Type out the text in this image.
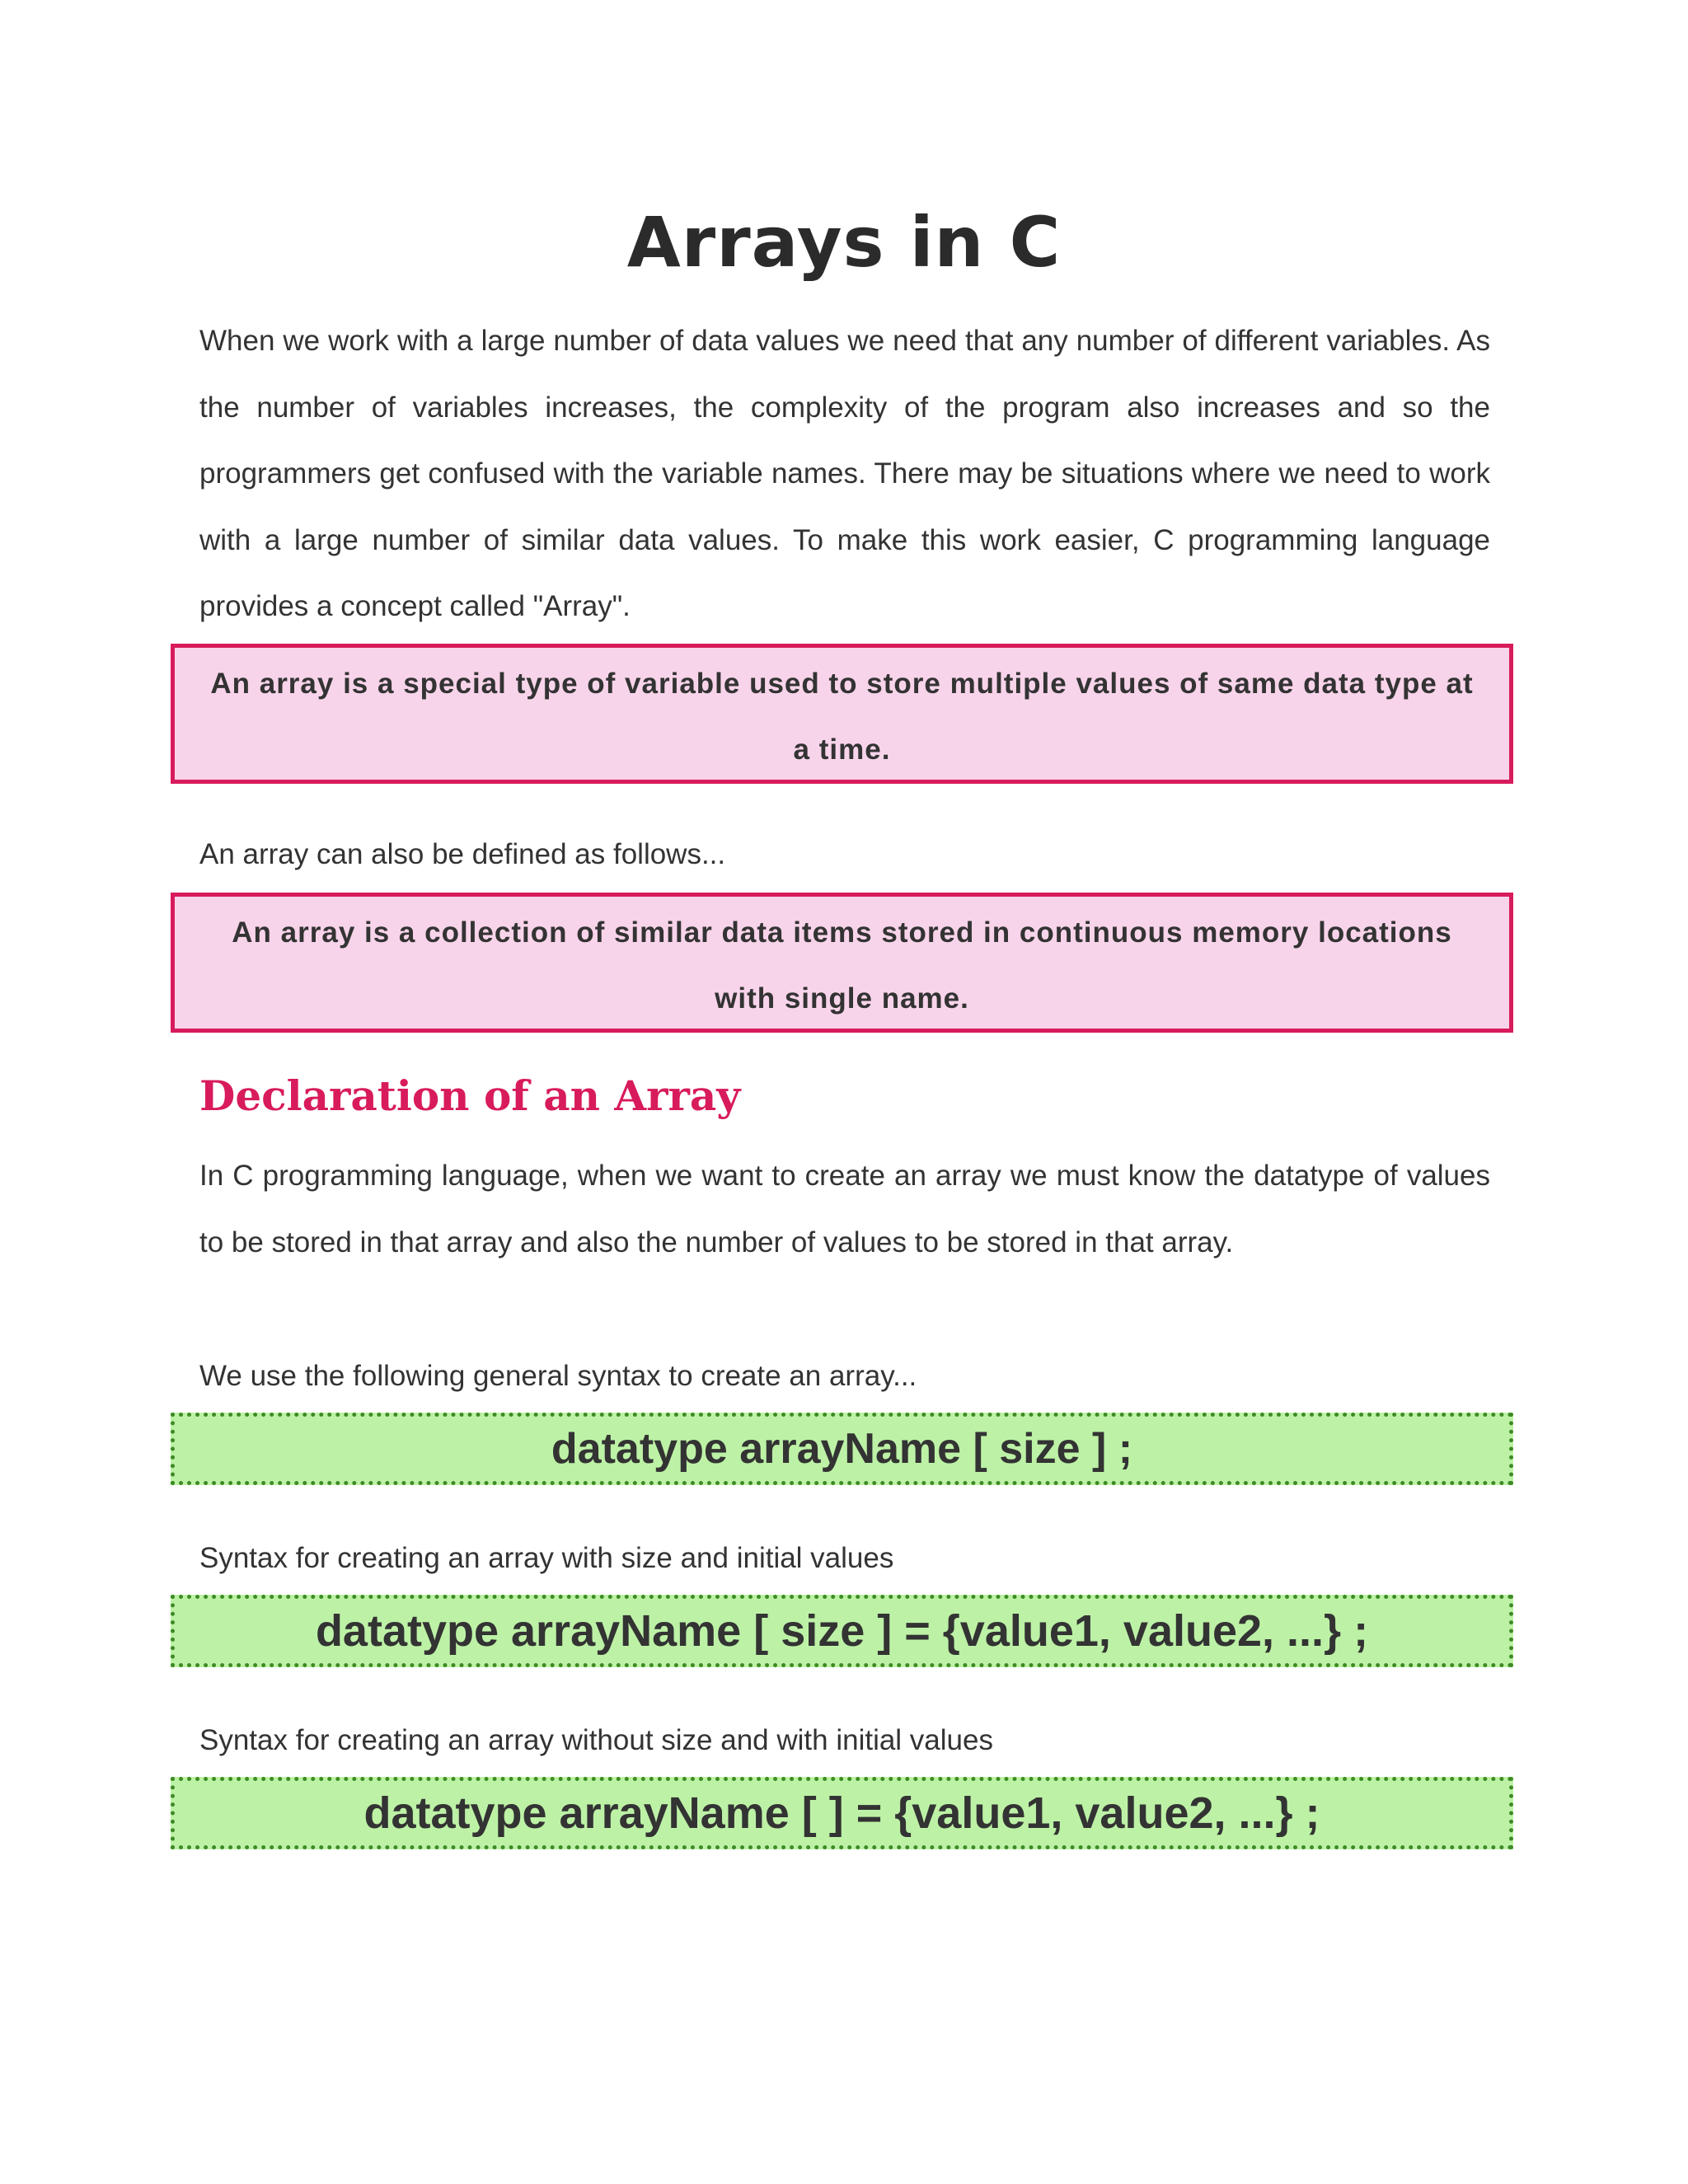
Arrays in C
When we work with a large number of data values we need that any number of different variables. As the number of variables increases, the complexity of the program also increases and so the programmers get confused with the variable names. There may be situations where we need to work with a large number of similar data values. To make this work easier, C programming language provides a concept called "Array".
An array is a special type of variable used to store multiple values of same data type at a time.
An array can also be defined as follows...
An array is a collection of similar data items stored in continuous memory locations with single name.
Declaration of an Array
In C programming language, when we want to create an array we must know the datatype of values to be stored in that array and also the number of values to be stored in that array.
We use the following general syntax to create an array...
datatype arrayName [ size ] ;
Syntax for creating an array with size and initial values
datatype arrayName [ size ] = {value1, value2, ...} ;
Syntax for creating an array without size and with initial values
datatype arrayName [ ] = {value1, value2, ...} ;
